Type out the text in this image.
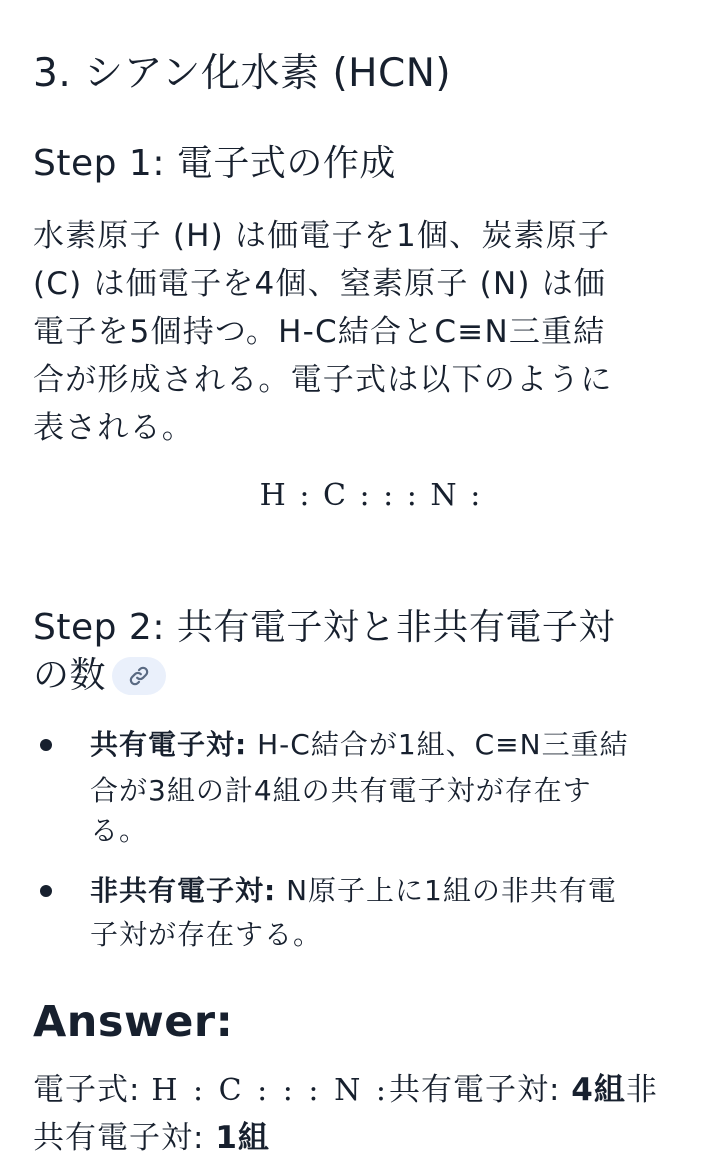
3. シアン化水素 (HCN)
Step 1: 電子式の作成
水素原子 (H) は価電子を1個、炭素原子
(C) は価電子を4個、窒素原子 (N) は価
電子を5個持つ。H-C結合とC≡N三重結
合が形成される。電子式は以下のように
表される。
H : C : : : N :
Step 2: 共有電子対と非共有電子対
の数
共有電子対: H-C結合が1組、C≡N三重結
合が3組の計4組の共有電子対が存在す
る。
非共有電子対: N原子上に1組の非共有電
子対が存在する。
Answer:
電子式: H : C : : : N :共有電子対: 4組非
共有電子対: 1組
